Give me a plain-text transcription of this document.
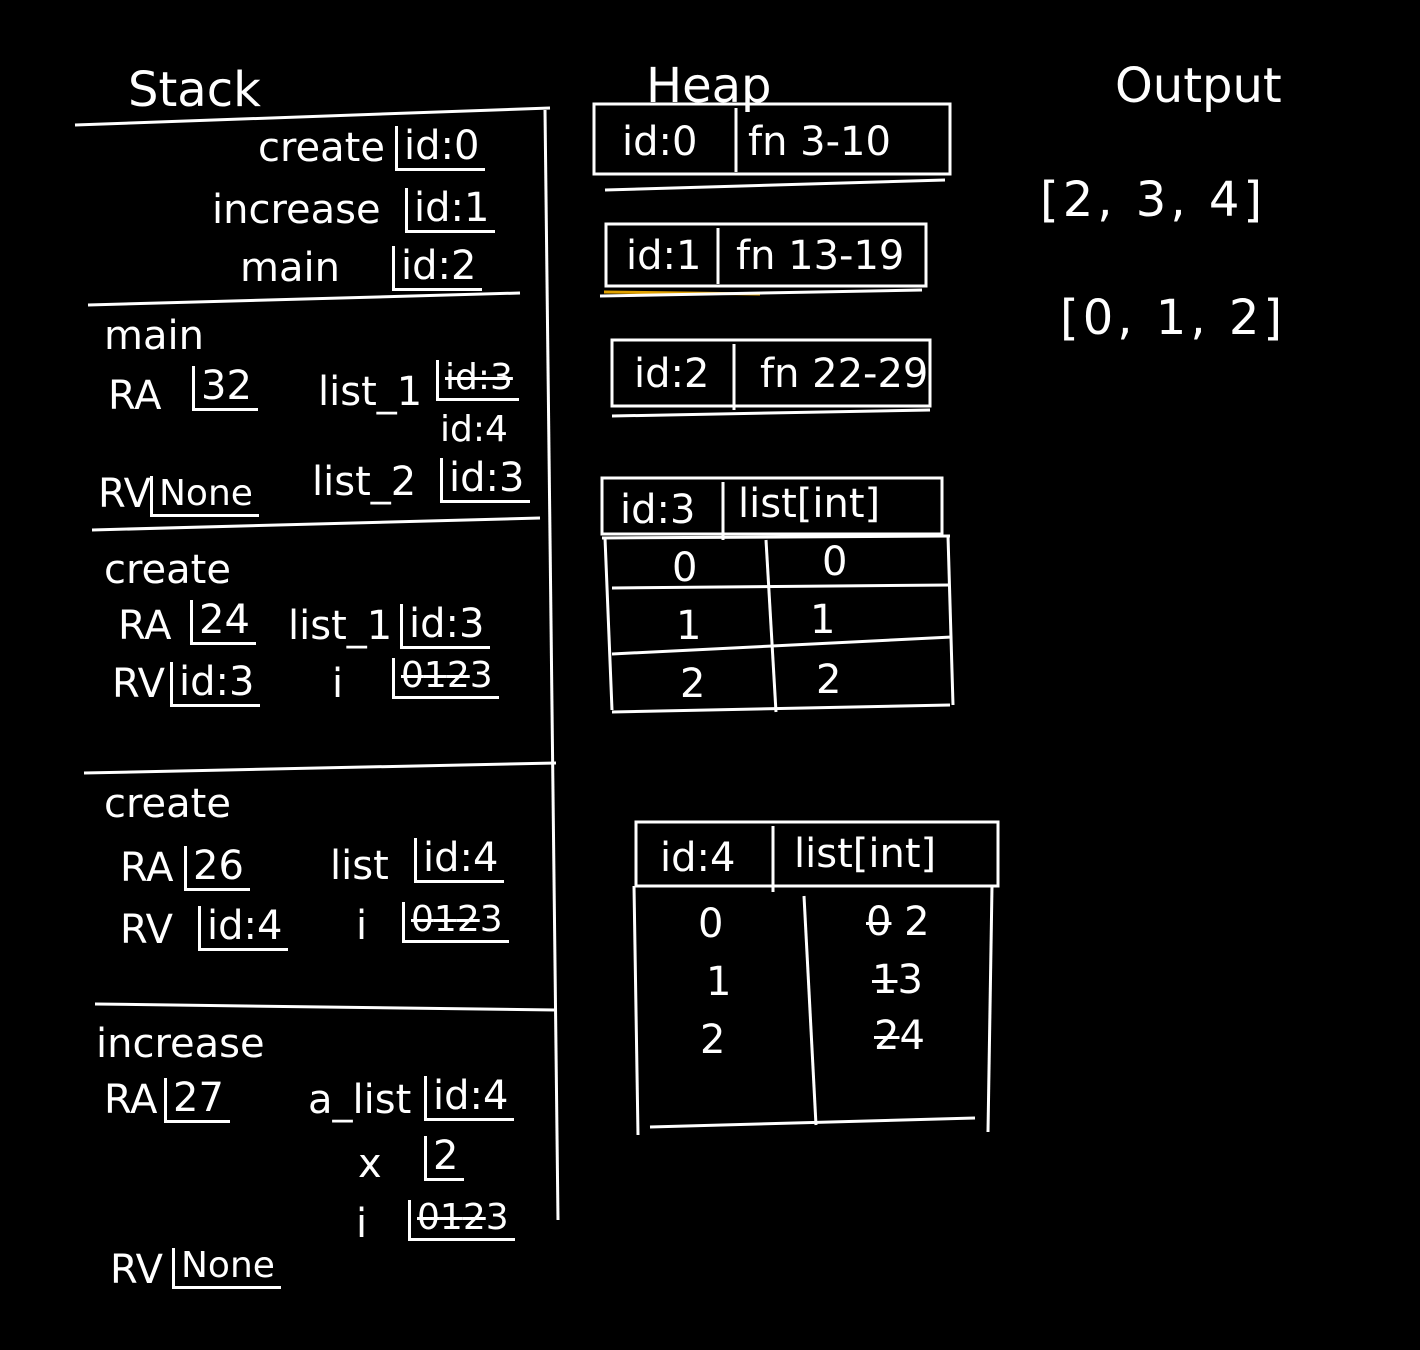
Stack	Heap	Output
create id:0
increase id:1
main id:2
main
RA 32 list_1 id:3
id:4
RV None list_2 id:3
create
RA 24 list_1 id:3
RV id:3 i 0123
create
RA 26 list id:4
RV id:4 i 0123
increase
RA 27 a_list id:4
x 2
i 0123
RV None
id:0 fn 3-10
id:1 fn 13-19
id:2 fn 22-29
id:3 list[int]
0	0
1	1
2	2
id:4 list[int]
0	0 2
1	13
2	24
[2, 3, 4]
[0, 1, 2]
